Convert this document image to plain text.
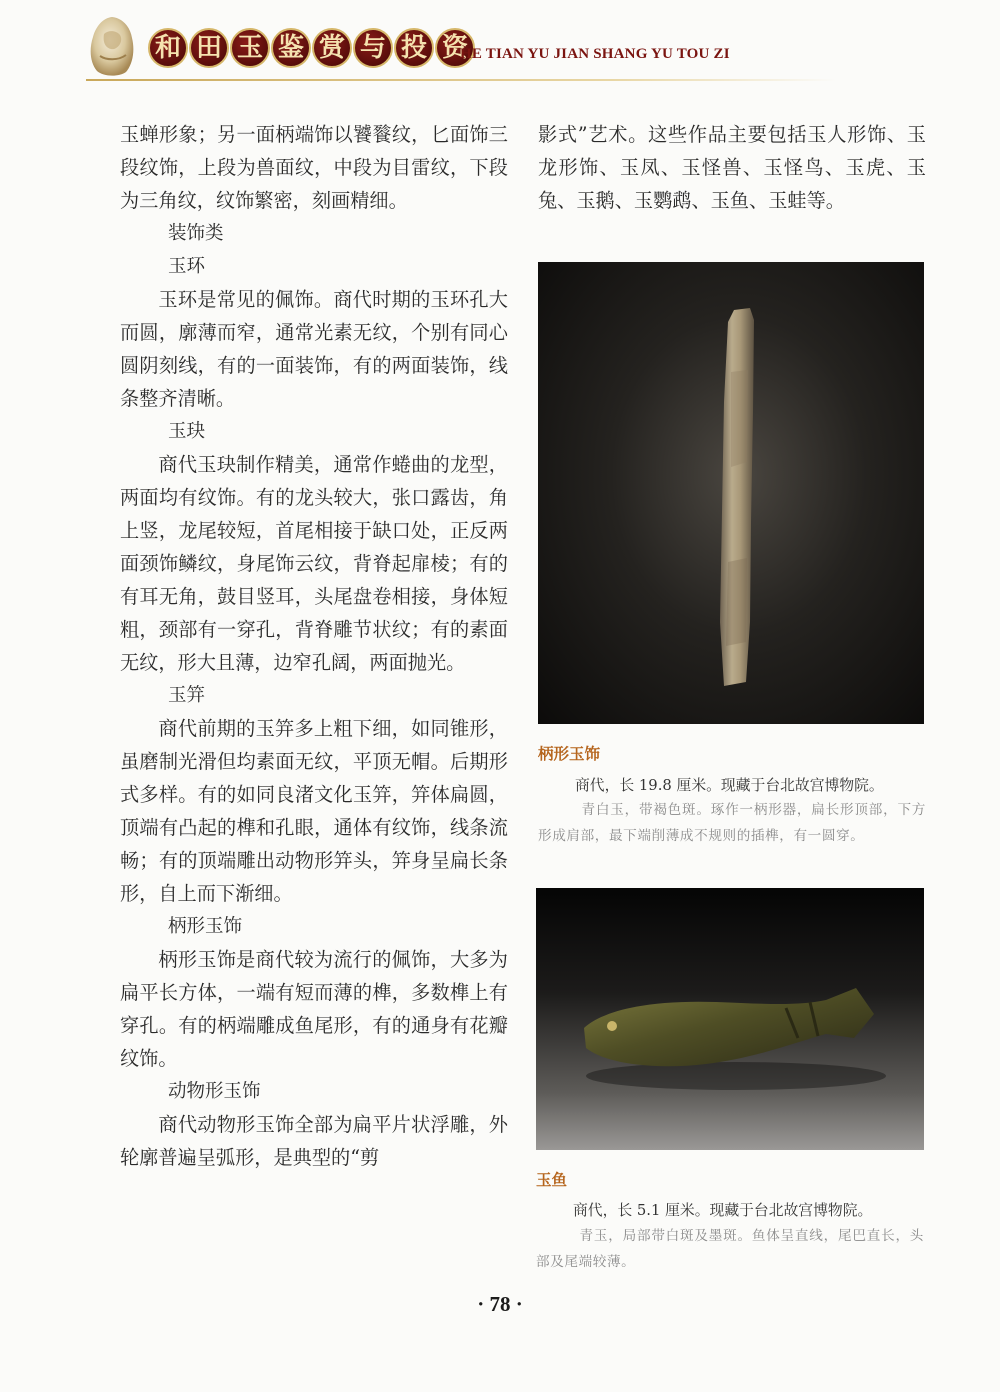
和 田 玉 鉴 赏 与 投 资
HE TIAN YU JIAN SHANG YU TOU ZI

玉蝉形象；另一面柄端饰以饕餮纹，匕面饰三段纹饰，上段为兽面纹，中段为目雷纹，下段为三角纹，纹饰繁密，刻画精细。

装饰类
玉环

玉环是常见的佩饰。商代时期的玉环孔大而圆，廓薄而窄，通常光素无纹，个别有同心圆阴刻线，有的一面装饰，有的两面装饰，线条整齐清晰。

玉玦

商代玉玦制作精美，通常作蜷曲的龙型，两面均有纹饰。有的龙头较大，张口露齿，角上竖，龙尾较短，首尾相接于缺口处，正反两面颈饰鳞纹，身尾饰云纹，背脊起扉棱；有的有耳无角，鼓目竖耳，头尾盘卷相接，身体短粗，颈部有一穿孔，背脊雕节状纹；有的素面无纹，形大且薄，边窄孔阔，两面抛光。

玉笄

商代前期的玉笄多上粗下细，如同锥形，虽磨制光滑但均素面无纹，平顶无帽。后期形式多样。有的如同良渚文化玉笄，笄体扁圆，顶端有凸起的榫和孔眼，通体有纹饰，线条流畅；有的顶端雕出动物形笄头，笄身呈扁长条形，自上而下渐细。

柄形玉饰

柄形玉饰是商代较为流行的佩饰，大多为扁平长方体，一端有短而薄的榫，多数榫上有穿孔。有的柄端雕成鱼尾形，有的通身有花瓣纹饰。

动物形玉饰

商代动物形玉饰全部为扁平片状浮雕，外轮廓普遍呈弧形，是典型的“剪

影式”艺术。这些作品主要包括玉人形饰、玉龙形饰、玉凤、玉怪兽、玉怪鸟、玉虎、玉兔、玉鹅、玉鹦鹉、玉鱼、玉蛙等。

柄形玉饰
商代，长 19.8 厘米。现藏于台北故宫博物院。
青白玉，带褐色斑。琢作一柄形器，扁长形顶部，下方形成肩部，最下端削薄成不规则的插榫，有一圆穿。
玉鱼
商代，长 5.1 厘米。现藏于台北故宫博物院。
青玉，局部带白斑及墨斑。鱼体呈直线，尾巴直长，头部及尾端较薄。
· 78 ·
